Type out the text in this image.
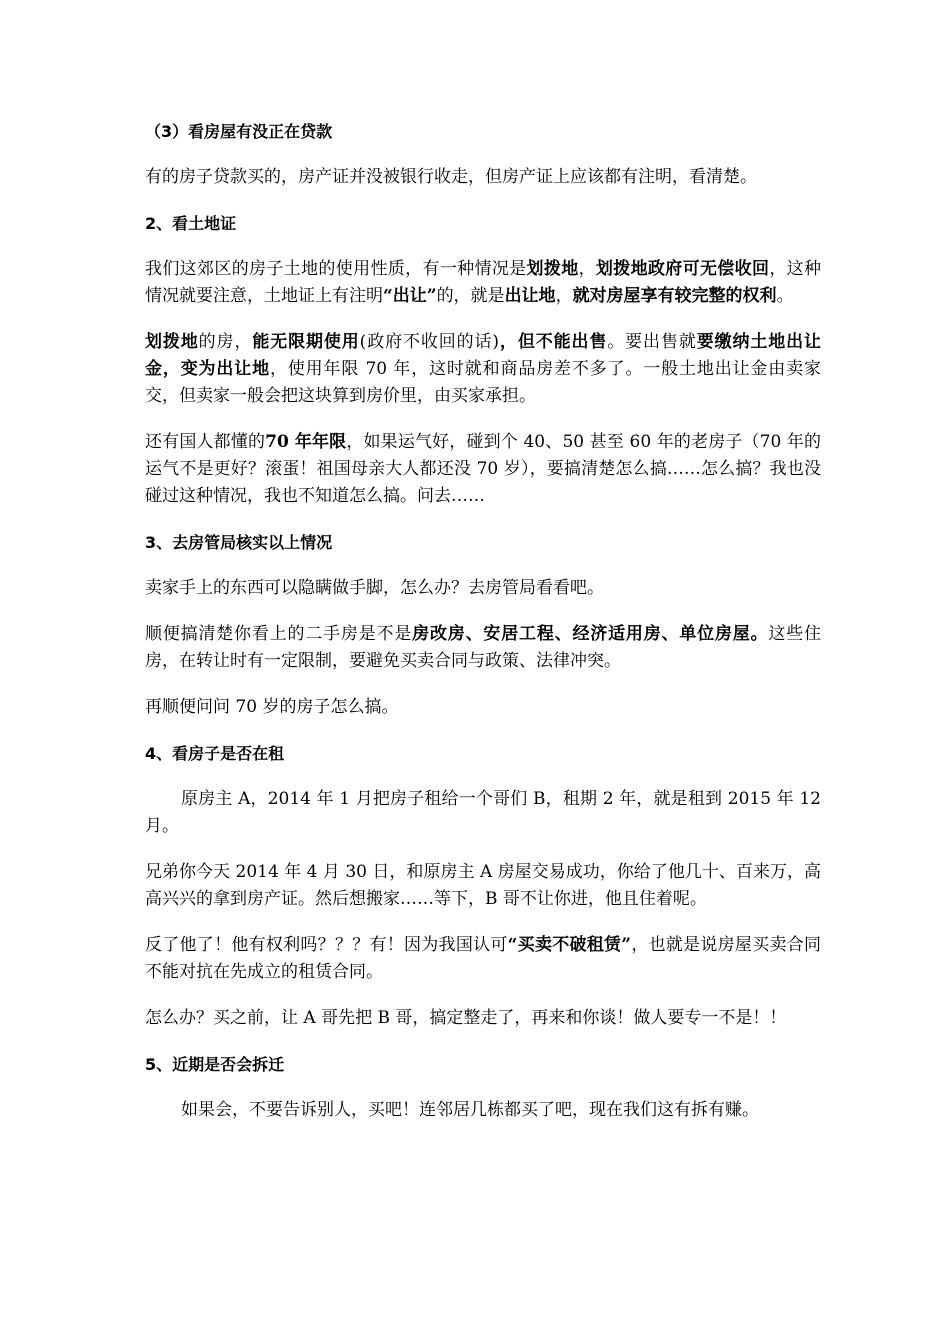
（3）看房屋有没正在贷款
有的房子贷款买的，房产证并没被银行收走，但房产证上应该都有注明，看清楚。
2、看土地证
我们这郊区的房子土地的使用性质，有一种情况是划拨地，划拨地政府可无偿收回，这种情况就要注意，土地证上有注明“出让”的，就是出让地，就对房屋享有较完整的权利。
划拨地的房，能无限期使用(政府不收回的话)，但不能出售。要出售就要缴纳土地出让金，变为出让地，使用年限 70 年，这时就和商品房差不多了。一般土地出让金由卖家交，但卖家一般会把这块算到房价里，由买家承担。
还有国人都懂的70 年年限，如果运气好，碰到个 40、50 甚至 60 年的老房子（70 年的运气不是更好？滚蛋！祖国母亲大人都还没 70 岁），要搞清楚怎么搞……怎么搞？我也没碰过这种情况，我也不知道怎么搞。问去……
3、去房管局核实以上情况
卖家手上的东西可以隐瞒做手脚，怎么办？去房管局看看吧。
顺便搞清楚你看上的二手房是不是房改房、安居工程、经济适用房、单位房屋。这些住房，在转让时有一定限制，要避免买卖合同与政策、法律冲突。
再顺便问问 70 岁的房子怎么搞。
4、看房子是否在租
原房主 A，2014 年 1 月把房子租给一个哥们 B，租期 2 年，就是租到 2015 年 12 月。
兄弟你今天 2014 年 4 月 30 日，和原房主 A 房屋交易成功，你给了他几十、百来万，高高兴兴的拿到房产证。然后想搬家……等下，B 哥不让你进，他且住着呢。
反了他了！他有权利吗？？？有！因为我国认可“买卖不破租赁”，也就是说房屋买卖合同不能对抗在先成立的租赁合同。
怎么办？买之前，让 A 哥先把 B 哥，搞定整走了，再来和你谈！做人要专一不是！！
5、近期是否会拆迁
如果会，不要告诉别人，买吧！连邻居几栋都买了吧，现在我们这有拆有赚。
